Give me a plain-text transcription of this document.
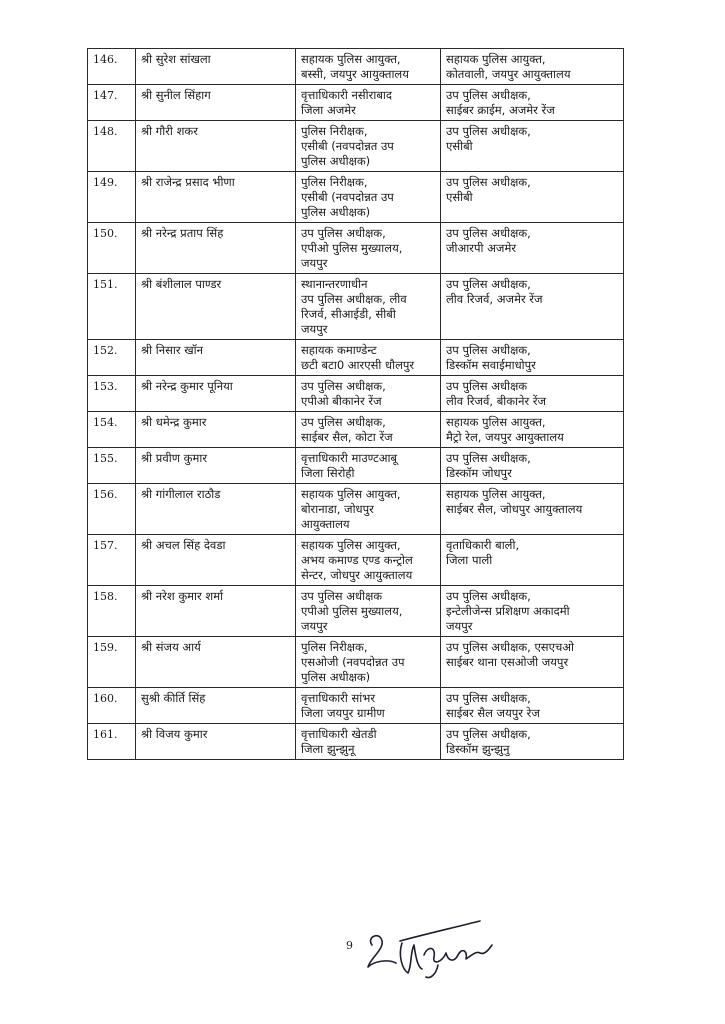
146.	श्री सुरेश सांखला	सहायक पुलिस आयुक्त,
बस्सी, जयपुर आयुक्तालय	सहायक पुलिस आयुक्त,
कोतवाली, जयपुर आयुक्तालय

147.	श्री सुनील सिंहाग	वृत्ताधिकारी नसीराबाद
जिला अजमेर	उप पुलिस अधीक्षक,
साईबर क्राईम, अजमेर रेंज

148.	श्री गौरी शकर	पुलिस निरीक्षक,
एसीबी (नवपदोन्नत उप
पुलिस अधीक्षक)	उप पुलिस अधीक्षक,
एसीबी

149.	श्री राजेन्द्र प्रसाद भीणा	पुलिस निरीक्षक,
एसीबी (नवपदोन्नत उप
पुलिस अधीक्षक)	उप पुलिस अधीक्षक,
एसीबी

150.	श्री नरेन्द्र प्रताप सिंह	उप पुलिस अधीक्षक,
एपीओ पुलिस मुख्यालय,
जयपुर	उप पुलिस अधीक्षक,
जीआरपी अजमेर

151.	श्री बंशीलाल पाण्डर	स्थानान्तरणाधीन
उप पुलिस अधीक्षक, लीव
रिजर्व, सीआईडी, सीबी
जयपुर	उप पुलिस अधीक्षक,
लीव रिजर्व, अजमेर रेंज

152.	श्री निसार खॉन	सहायक कमाण्डेन्ट
छटी बटा0 आरएसी धौलपुर	उप पुलिस अधीक्षक,
डिस्कॉम सवाईमाधोपुर

153.	श्री नरेन्द्र कुमार पूनिया	उप पुलिस अधीक्षक,
एपीओ बीकानेर रेंज	उप पुलिस अधीक्षक
लीव रिजर्व, बीकानेर रेंज

154.	श्री धमेन्द्र कुमार	उप पुलिस अधीक्षक,
साईबर सैल, कोटा रेंज	सहायक पुलिस आयुक्त,
मैट्रो रेल, जयपुर आयुक्तालय

155.	श्री प्रवीण कुमार	वृत्ताधिकारी माउण्टआबू
जिला सिरोही	उप पुलिस अधीक्षक,
डिस्कॉम जोधपुर

156.	श्री गांगीलाल राठौड	सहायक पुलिस आयुक्त,
बोरानाडा, जोधपुर
आयुक्तालय	सहायक पुलिस आयुक्त,
साईबर सैल, जोधपुर आयुक्तालय

157.	श्री अचल सिंह देवडा	सहायक पुलिस आयुक्त,
अभय कमाण्ड एण्ड कन्ट्रोल
सेन्टर, जोधपुर आयुक्तालय	वृताधिकारी बाली,
जिला पाली

158.	श्री नरेश कुमार शर्मा	उप पुलिस अधीक्षक
एपीओ पुलिस मुख्यालय,
जयपुर	उप पुलिस अधीक्षक,
इन्टेलीजेन्स प्रशिक्षण अकादमी
जयपुर

159.	श्री संजय आर्य	पुलिस निरीक्षक,
एसओजी (नवपदोन्नत उप
पुलिस अधीक्षक)	उप पुलिस अधीक्षक, एसएचओ
साईबर थाना एसओजी जयपुर

160.	सुश्री कीर्ति सिंह	वृत्ताधिकारी सांभर
जिला जयपुर ग्रामीण	उप पुलिस अधीक्षक,
साईबर सैल जयपुर रेज

161.	श्री विजय कुमार	वृत्ताधिकारी खेतडी
जिला झुन्झुनू	उप पुलिस अधीक्षक,
डिस्कॉम झुन्झुनु
9
